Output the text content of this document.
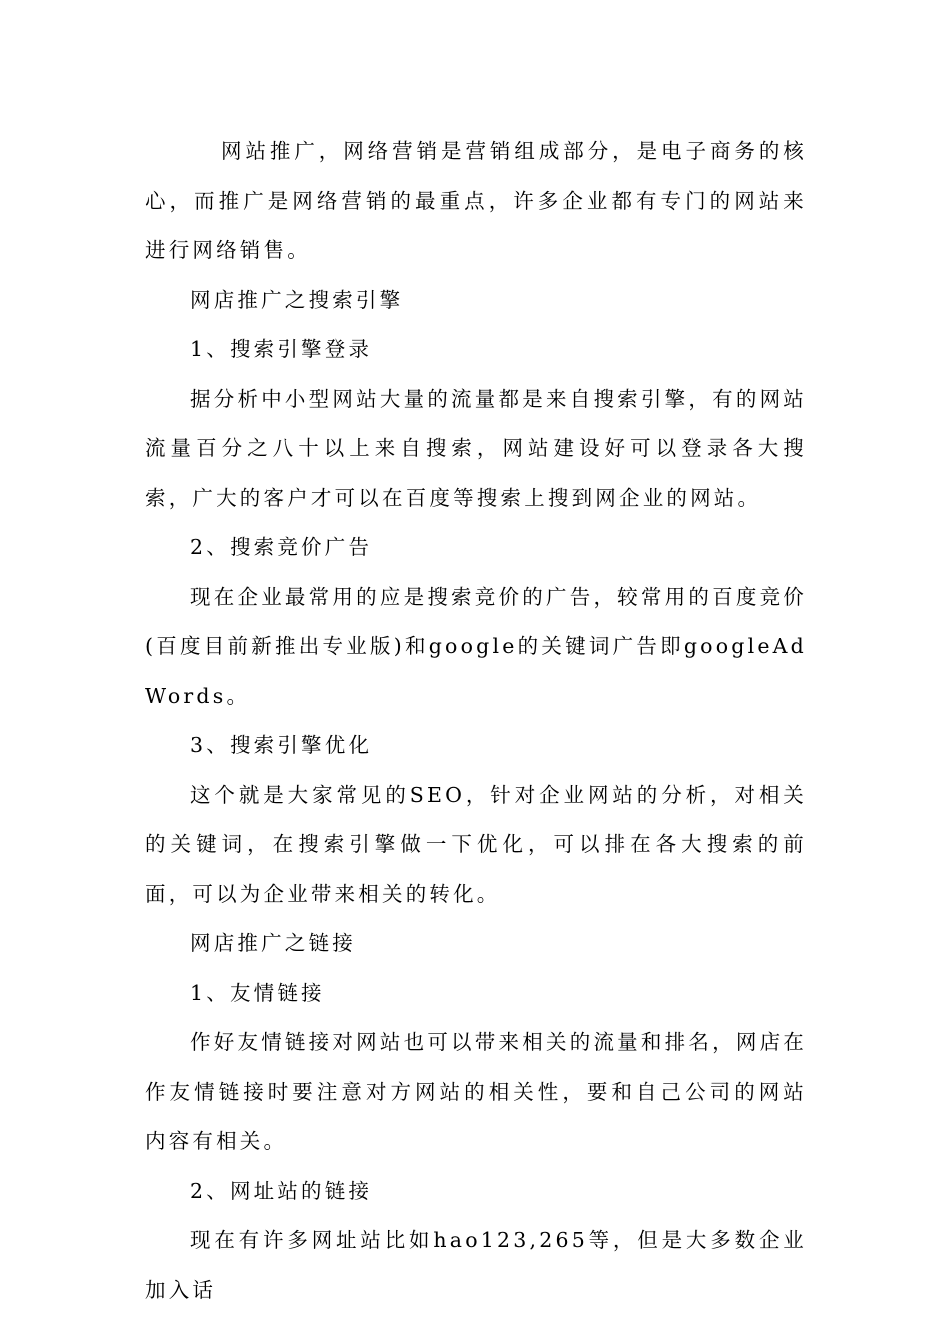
网站推广，网络营销是营销组成部分，是电子商务的核心，而推广是网络营销的最重点，许多企业都有专门的网站来进行网络销售。

网店推广之搜索引擎

1、搜索引擎登录

据分析中小型网站大量的流量都是来自搜索引擎，有的网站流量百分之八十以上来自搜索，网站建设好可以登录各大搜索，广大的客户才可以在百度等搜索上搜到网企业的网站。

2、搜索竞价广告

现在企业最常用的应是搜索竞价的广告，较常用的百度竞价(百度目前新推出专业版)和google的关键词广告即googleAdWords。

3、搜索引擎优化

这个就是大家常见的SEO，针对企业网站的分析，对相关的关键词，在搜索引擎做一下优化，可以排在各大搜索的前面，可以为企业带来相关的转化。

网店推广之链接

1、友情链接

作好友情链接对网站也可以带来相关的流量和排名，网店在作友情链接时要注意对方网站的相关性，要和自己公司的网站内容有相关。

2、网址站的链接

现在有许多网址站比如hao123,265等，但是大多数企业加入话
